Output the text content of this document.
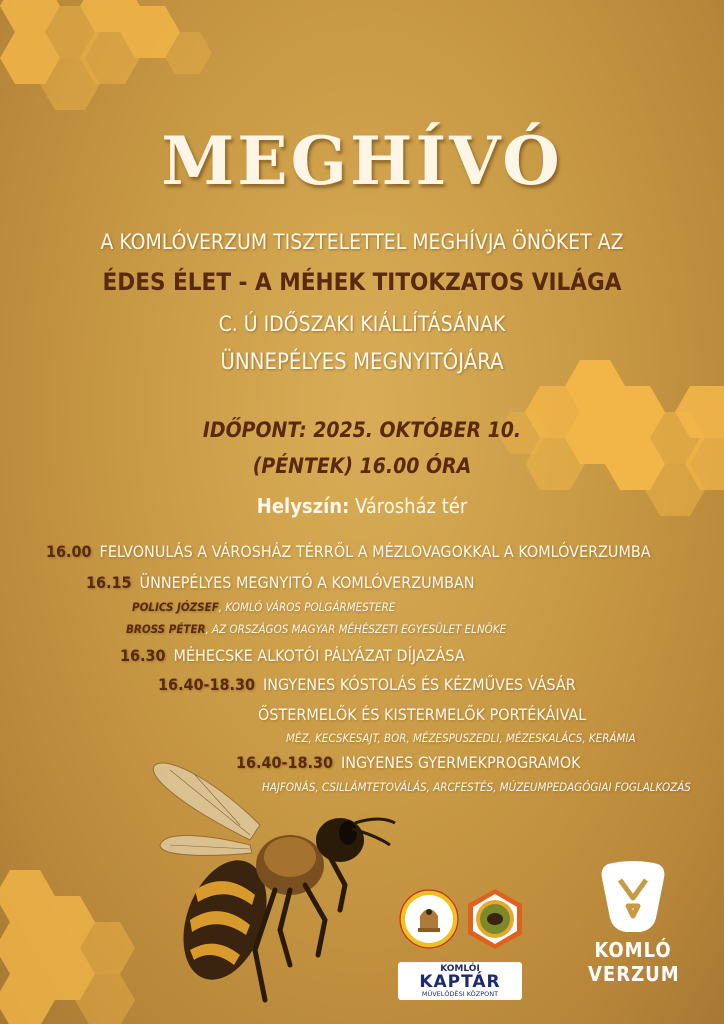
MEGHÍVÓ
A KOMLÓVERZUM TISZTELETTEL MEGHÍVJA ÖNÖKET AZ
ÉDES ÉLET - A MÉHEK TITOKZATOS VILÁGA
C. Ú IDŐSZAKI KIÁLLÍTÁSÁNAK
ÜNNEPÉLYES MEGNYITÓJÁRA
IDŐPONT: 2025. OKTÓBER 10.
(PÉNTEK) 16.00 ÓRA
Helyszín: Városház tér
16.00 FELVONULÁS A VÁROSHÁZ TÉRRŐL A MÉZLOVAGOKKAL A KOMLÓVERZUMBA
16.15 ÜNNEPÉLYES MEGNYITÓ A KOMLÓVERZUMBAN
POLICS JÓZSEF, KOMLÓ VÁROS POLGÁRMESTERE
BROSS PÉTER, AZ ORSZÁGOS MAGYAR MÉHÉSZETI EGYESÜLET ELNÖKE
16.30 MÉHECSKE ALKOTÓI PÁLYÁZAT DÍJAZÁSA
16.40-18.30 INGYENES KÓSTOLÁS ÉS KÉZMŰVES VÁSÁR
ŐSTERMELŐK ÉS KISTERMELŐK PORTÉKÁIVAL
MÉZ, KECSKESAJT, BOR, MÉZESPUSZEDLI, MÉZESKALÁCS, KERÁMIA
16.40-18.30 INGYENES GYERMEKPROGRAMOK
HAJFONÁS, CSILLÁMTETOVÁLÁS, ARCFESTÉS, MÚZEUMPEDAGÓGIAI FOGLALKOZÁS
KOMLÓI
KAPTÁR
MŰVELŐDÉSI KÖZPONT
KOMLÓ
VERZUM
